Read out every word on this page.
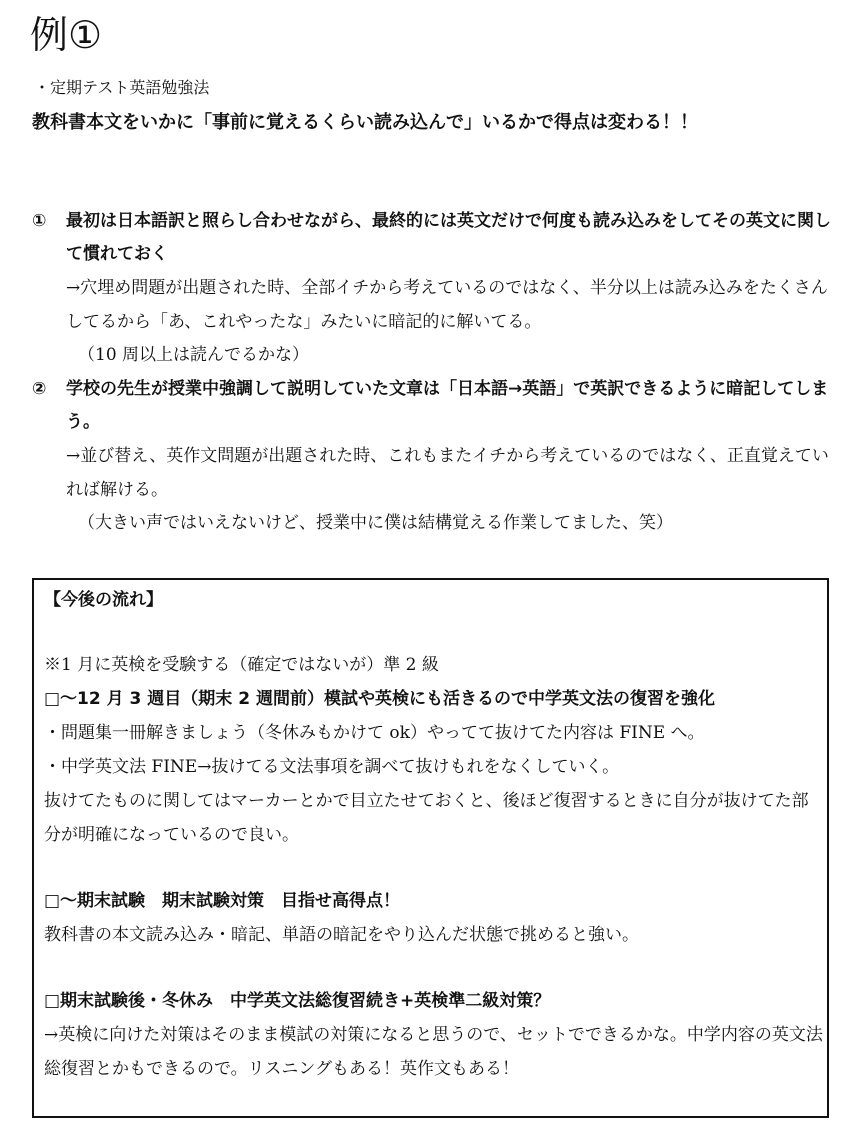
例①
・定期テスト英語勉強法
教科書本文をいかに「事前に覚えるくらい読み込んで」いるかで得点は変わる！！
① 最初は日本語訳と照らし合わせながら、最終的には英文だけで何度も読み込みをしてその英文に関して慣れておく
→穴埋め問題が出題された時、全部イチから考えているのではなく、半分以上は読み込みをたくさんしてるから「あ、これやったな」みたいに暗記的に解いてる。
（10 周以上は読んでるかな）
② 学校の先生が授業中強調して説明していた文章は「日本語→英語」で英訳できるように暗記してしまう。
→並び替え、英作文問題が出題された時、これもまたイチから考えているのではなく、正直覚えていれば解ける。
（大きい声ではいえないけど、授業中に僕は結構覚える作業してました、笑）
【今後の流れ】
※1 月に英検を受験する（確定ではないが）準 2 級
□～12 月 3 週目（期末 2 週間前）模試や英検にも活きるので中学英文法の復習を強化
・問題集一冊解きましょう（冬休みもかけて ok）やってて抜けてた内容は FINE へ。
・中学英文法 FINE→抜けてる文法事項を調べて抜けもれをなくしていく。
抜けてたものに関してはマーカーとかで目立たせておくと、後ほど復習するときに自分が抜けてた部分が明確になっているので良い。
□～期末試験　期末試験対策　目指せ高得点！
教科書の本文読み込み・暗記、単語の暗記をやり込んだ状態で挑めると強い。
□期末試験後・冬休み　中学英文法総復習続き+英検準二級対策？
→英検に向けた対策はそのまま模試の対策になると思うので、セットでできるかな。中学内容の英文法総復習とかもできるので。リスニングもある！英作文もある！
